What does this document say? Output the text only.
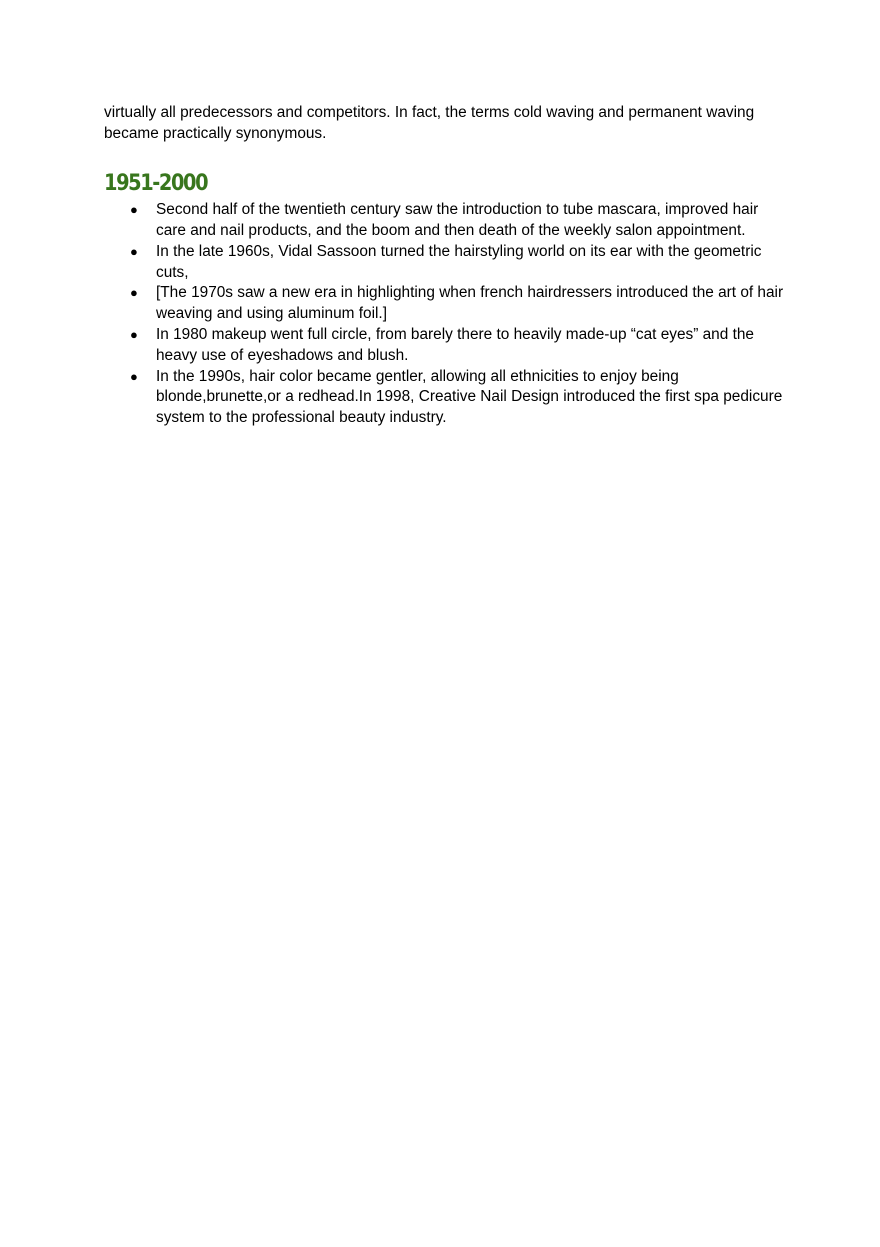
virtually all predecessors and competitors. In fact, the terms cold waving and permanent waving became practically synonymous.

1951-2000
● Second half of the twentieth century saw the introduction to tube mascara, improved hair care and nail products, and the boom and then death of the weekly salon appointment.
● In the late 1960s, Vidal Sassoon turned the hairstyling world on its ear with the geometric cuts,
● [The 1970s saw a new era in highlighting when french hairdressers introduced the art of hair weaving and using aluminum foil.]
● In 1980 makeup went full circle, from barely there to heavily made-up “cat eyes” and the heavy use of eyeshadows and blush.
● In the 1990s, hair color became gentler, allowing all ethnicities to enjoy being blonde,brunette,or a redhead.In 1998, Creative Nail Design introduced the first spa pedicure system to the professional beauty industry.
